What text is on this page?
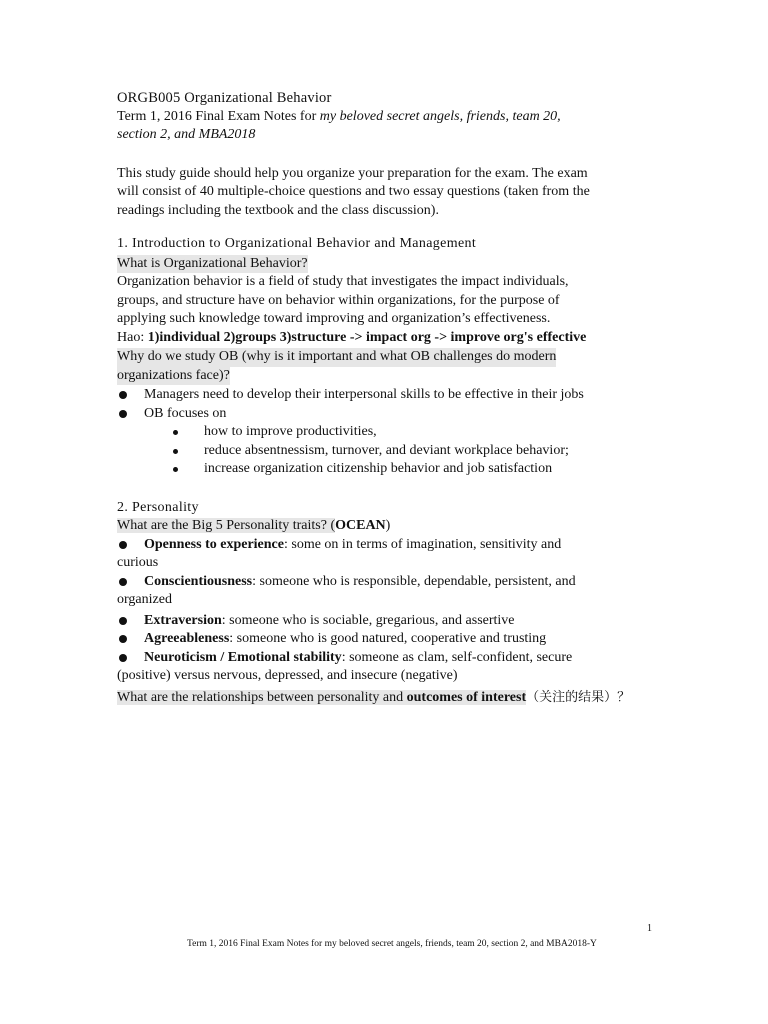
ORGB005 Organizational Behavior
Term 1, 2016 Final Exam Notes for my beloved secret angels, friends, team 20,
section 2, and MBA2018
This study guide should help you organize your preparation for the exam. The exam
will consist of 40 multiple-choice questions and two essay questions (taken from the
readings including the textbook and the class discussion).
1. Introduction to Organizational Behavior and Management
What is Organizational Behavior?
Organization behavior is a field of study that investigates the impact individuals,
groups, and structure have on behavior within organizations, for the purpose of
applying such knowledge toward improving and organization’s effectiveness.
Hao: 1)individual 2)groups 3)structure -> impact org -> improve org's effective
Why do we study OB (why is it important and what OB challenges do modern
organizations face)?
Managers need to develop their interpersonal skills to be effective in their jobs
OB focuses on
how to improve productivities,
reduce absentnessism, turnover, and deviant workplace behavior;
increase organization citizenship behavior and job satisfaction
2. Personality
What are the Big 5 Personality traits? (OCEAN)
Openness to experience: some on in terms of imagination, sensitivity and
curious
Conscientiousness: someone who is responsible, dependable, persistent, and
organized
Extraversion: someone who is sociable, gregarious, and assertive
Agreeableness: someone who is good natured, cooperative and trusting
Neuroticism / Emotional stability: someone as clam, self-confident, secure
(positive) versus nervous, depressed, and insecure (negative)
What are the relationships between personality and outcomes of interest（关注的结果）？
1
Term 1, 2016 Final Exam Notes for my beloved secret angels, friends, team 20, section 2, and MBA2018-Y
